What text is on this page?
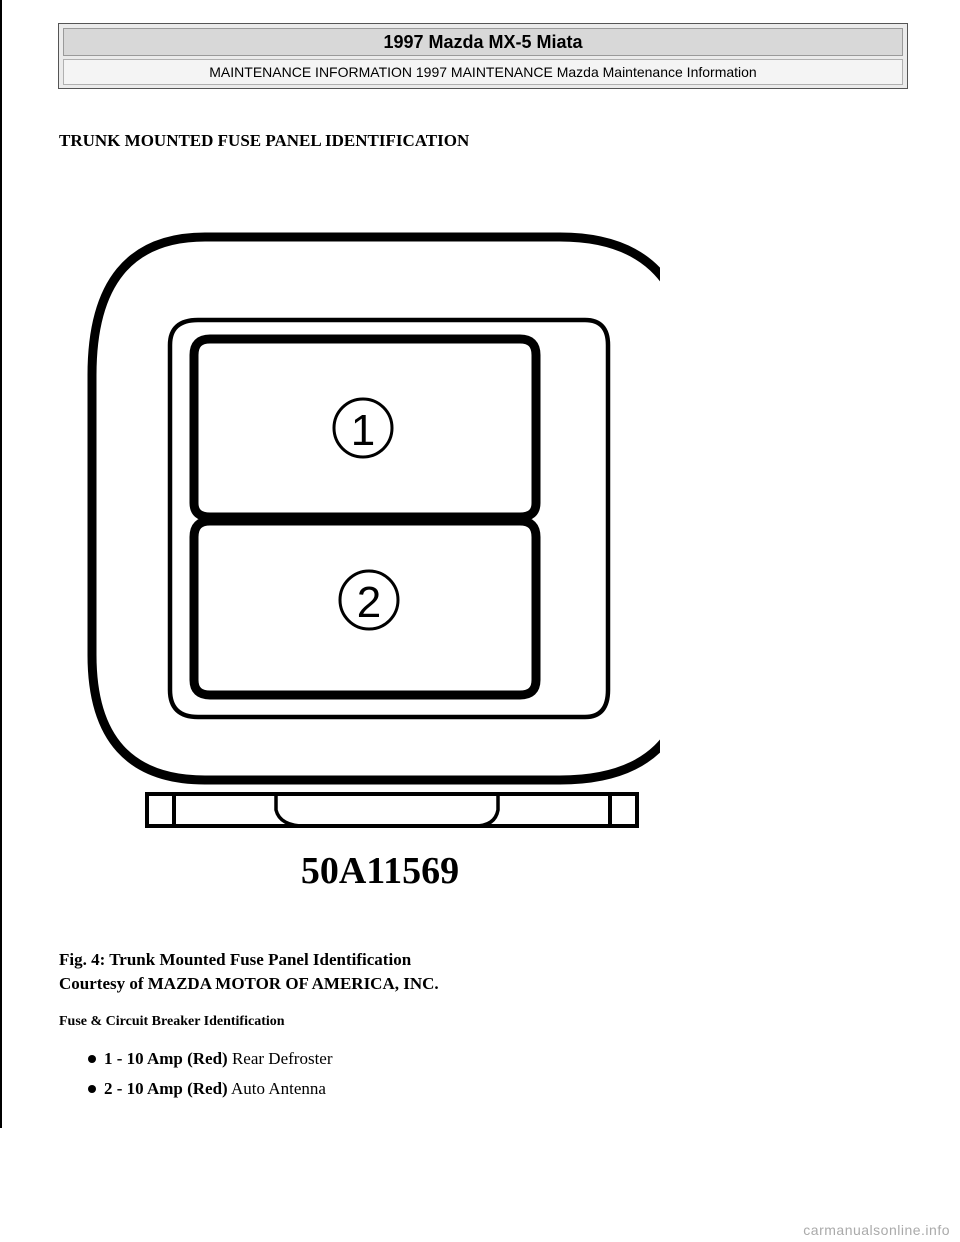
1997 Mazda MX-5 Miata
MAINTENANCE INFORMATION 1997 MAINTENANCE Mazda Maintenance Information
TRUNK MOUNTED FUSE PANEL IDENTIFICATION
1
2
50A11569
Fig. 4: Trunk Mounted Fuse Panel Identification
Courtesy of MAZDA MOTOR OF AMERICA, INC.
Fuse & Circuit Breaker Identification
1 - 10 Amp (Red) Rear Defroster
2 - 10 Amp (Red) Auto Antenna
carmanualsonline.info
